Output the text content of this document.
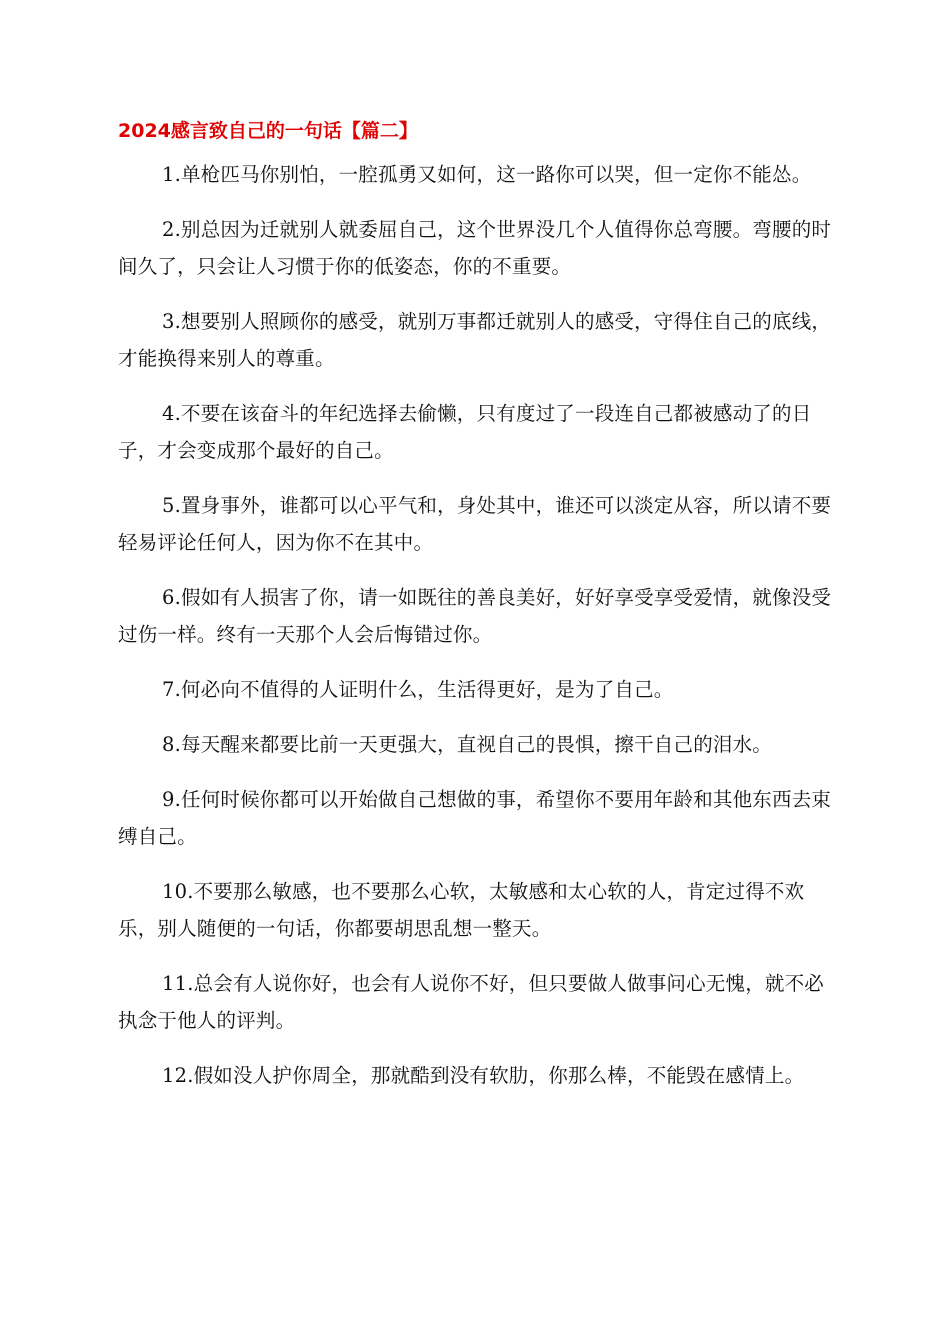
2024感言致自己的一句话【篇二】
1.单枪匹马你别怕，一腔孤勇又如何，这一路你可以哭，但一定你不能怂。
2.别总因为迁就别人就委屈自己，这个世界没几个人值得你总弯腰。弯腰的时间久了，只会让人习惯于你的低姿态，你的不重要。
3.想要别人照顾你的感受，就别万事都迁就别人的感受，守得住自己的底线，才能换得来别人的尊重。
4.不要在该奋斗的年纪选择去偷懒，只有度过了一段连自己都被感动了的日子，才会变成那个最好的自己。
5.置身事外，谁都可以心平气和，身处其中，谁还可以淡定从容，所以请不要轻易评论任何人，因为你不在其中。
6.假如有人损害了你，请一如既往的善良美好，好好享受享受爱情，就像没受过伤一样。终有一天那个人会后悔错过你。
7.何必向不值得的人证明什么，生活得更好，是为了自己。
8.每天醒来都要比前一天更强大，直视自己的畏惧，擦干自己的泪水。
9.任何时候你都可以开始做自己想做的事，希望你不要用年龄和其他东西去束缚自己。
10.不要那么敏感，也不要那么心软，太敏感和太心软的人，肯定过得不欢乐，别人随便的一句话，你都要胡思乱想一整天。
11.总会有人说你好，也会有人说你不好，但只要做人做事问心无愧，就不必执念于他人的评判。
12.假如没人护你周全，那就酷到没有软肋，你那么棒，不能毁在感情上。
